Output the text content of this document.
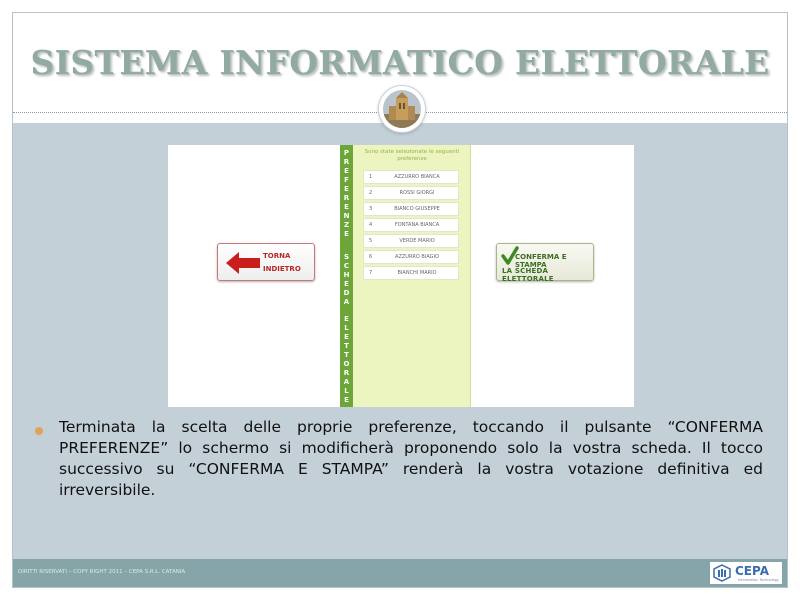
SISTEMA INFORMATICO ELETTORALE
TORNA
INDIETRO
P
R
E
F
E
R
E
N
Z
E
S
C
H
E
D
A
E
L
E
T
T
O
R
A
L
E
Sono state selezionate le seguenti
preferenze
1	AZZURRO BIANCA
2	ROSSI GIORGI
3	BIANCO GIUSEPPE
4	FONTANA BIANCA
5	VERDE MARIO
6	AZZURRO BIAGIO
7	BIANCHI MARIO
CONFERMA E STAMPA
LA SCHEDA ELETTORALE
Terminata la scelta delle proprie preferenze, toccando il pulsante “CONFERMA PREFERENZE” lo schermo si modificherà proponendo solo la vostra scheda. Il tocco successivo su “CONFERMA E STAMPA” renderà la vostra votazione definitiva ed irreversibile.
DIRITTI RISERVATI – COPY RIGHT 2011 – CEPA S.R.L. CATANIA	CEPA
Information Technology
